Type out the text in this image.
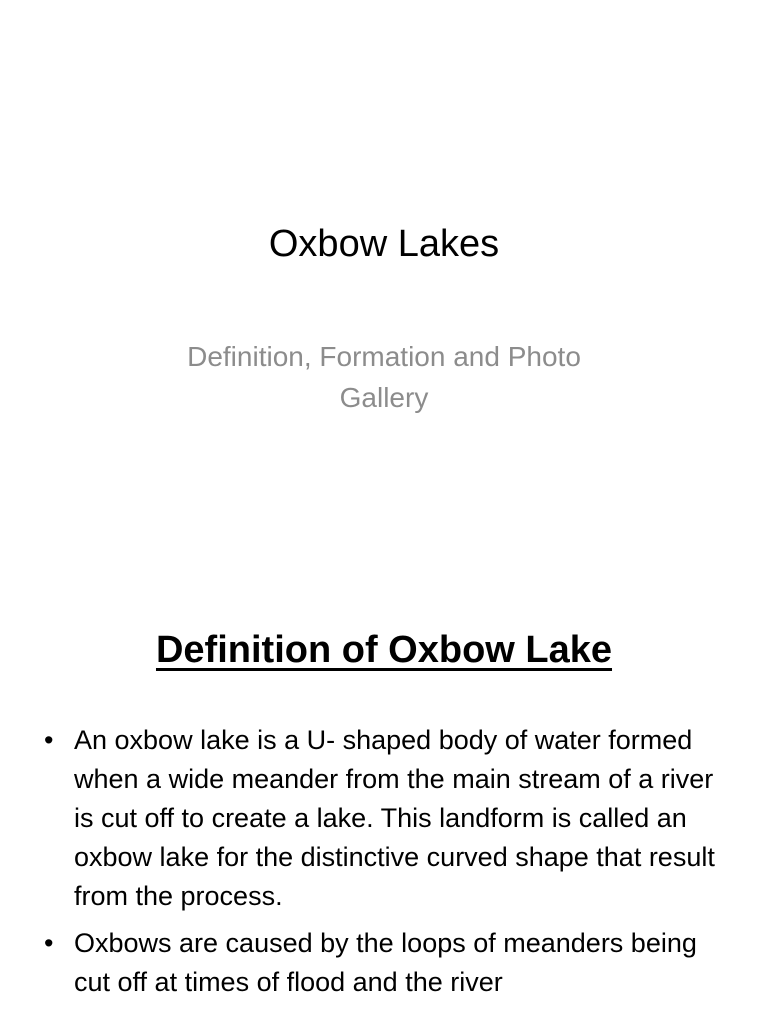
Oxbow Lakes
Definition, Formation and Photo Gallery
Definition of Oxbow Lake
• An oxbow lake is a U- shaped body of water formed when a wide meander from the main stream of a river is cut off to create a lake. This landform is called an oxbow lake for the distinctive curved shape that result from the process.
• Oxbows are caused by the loops of meanders being cut off at times of flood and the river
